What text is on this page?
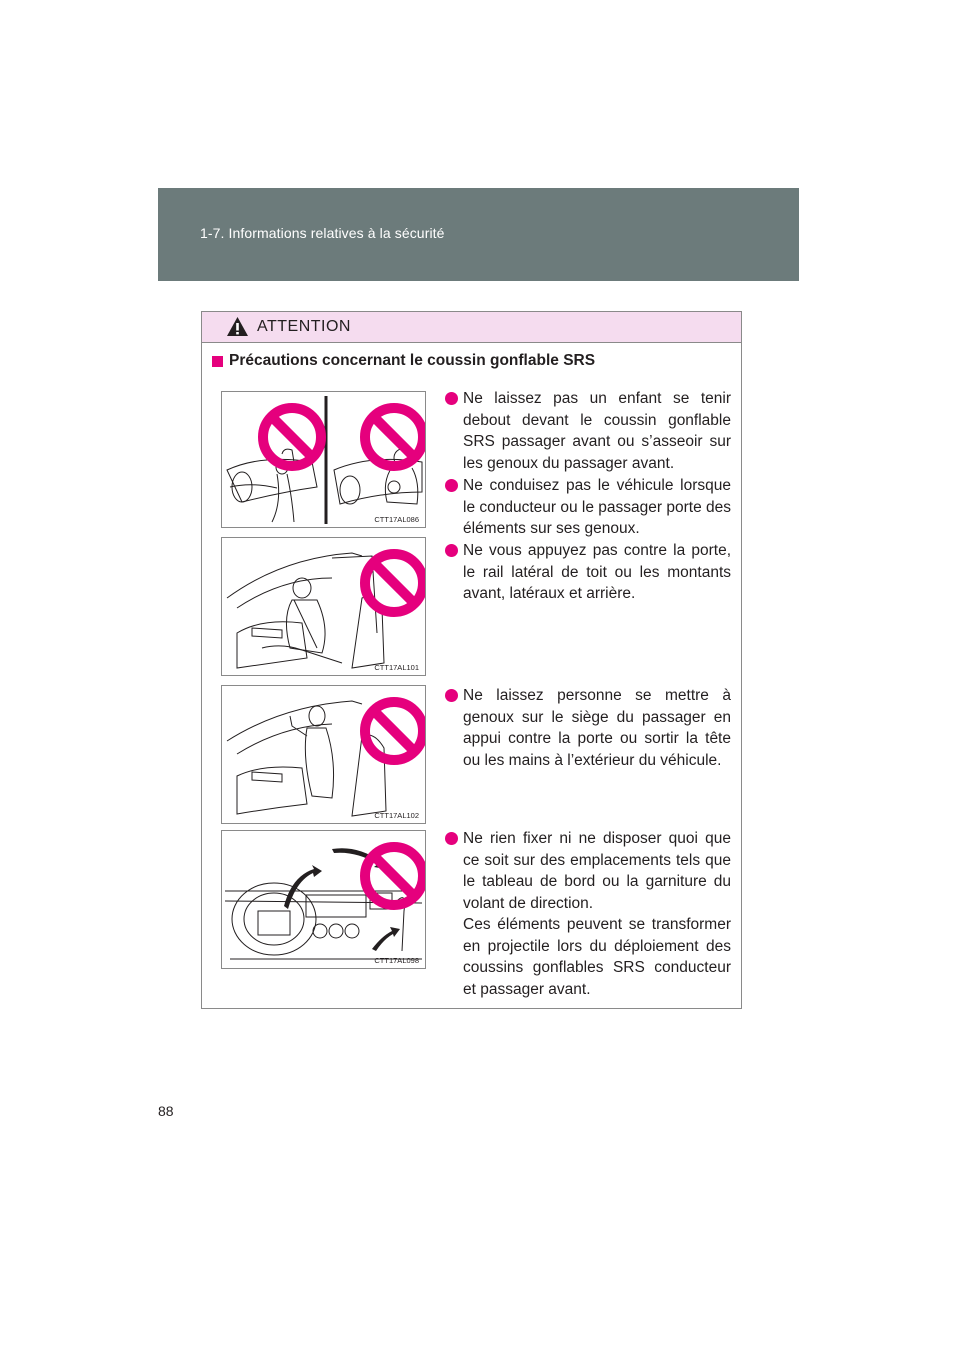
1-7. Informations relatives à la sécurité
ATTENTION
Précautions concernant le coussin gonflable SRS
CTT17AL086
CTT17AL101
CTT17AL102
CTT17AL098
Ne laissez pas un enfant se tenir debout devant le coussin gonflable SRS passager avant ou s’asseoir sur les genoux du passager avant.
Ne conduisez pas le véhicule lorsque le conducteur ou le passager porte des éléments sur ses genoux.
Ne vous appuyez pas contre la porte, le rail latéral de toit ou les montants avant, latéraux et arrière.
Ne laissez personne se mettre à genoux sur le siège du passager en appui contre la porte ou sortir la tête ou les mains à l’extérieur du véhicule.
Ne rien fixer ni ne disposer quoi que ce soit sur des emplacements tels que le tableau de bord ou la garniture du volant de direction.
Ces éléments peuvent se transformer en projectile lors du déploiement des coussins gonflables SRS conducteur et passager avant.
88
